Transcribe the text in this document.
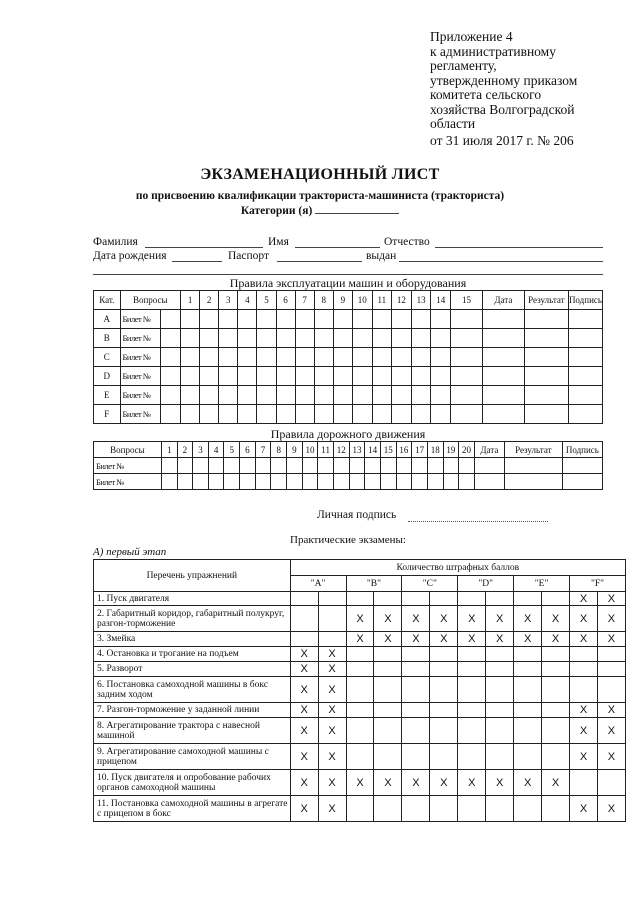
Приложение 4
к административному
регламенту,
утвержденному приказом
комитета сельского
хозяйства Волгоградской
области
от 31 июля 2017 г. № 206
ЭКЗАМЕНАЦИОННЫЙ ЛИСТ
по присвоению квалификации тракториста-машиниста (тракториста)
Категории (я)
Фамилия	Имя	Отчество
Дата рождения	Паспорт	выдан
Правила эксплуатации машин и оборудования
Кат.	Вопросы		1	2	3	4	5	6	7	8	9	10	11	12	13	14	15	Дата	Результат	Подпись
A	Билет №																			
B	Билет №																			
C	Билет №																			
D	Билет №																			
E	Билет №																			
F	Билет №																			
Правила дорожного движения
Вопросы	1	2	3	4	5	6	7	8	9	10	11	12	13	14	15	16	17	18	19	20	Дата	Результат	Подпись
Билет №																							
Билет №																							
Личная подпись
Практические экзамены:
А) первый этап
Перечень упражнений	Количество штрафных баллов											
	"А"		"В"		"С"		"D"		"Е"		"F"	
1. Пуск двигателя											X	X
2. Габаритный коридор, габаритный полукруг, разгон-торможение			X	X	X	X	X	X	X	X	X	X
3. Змейка			X	X	X	X	X	X	X	X	X	X
4. Остановка и трогание на подъем	X	X										
5. Разворот	X	X										
6. Постановка самоходной машины в бокс задним ходом	X	X										
7. Разгон-торможение у заданной линии	X	X									X	X
8. Агрегатирование трактора с навесной машиной	X	X									X	X
9. Агрегатирование самоходной машины с прицепом	X	X									X	X
10. Пуск двигателя и опробование рабочих органов самоходной машины	X	X	X	X	X	X	X	X	X	X		
11. Постановка самоходной машины в агрегате с прицепом в бокс	X	X									X	X
